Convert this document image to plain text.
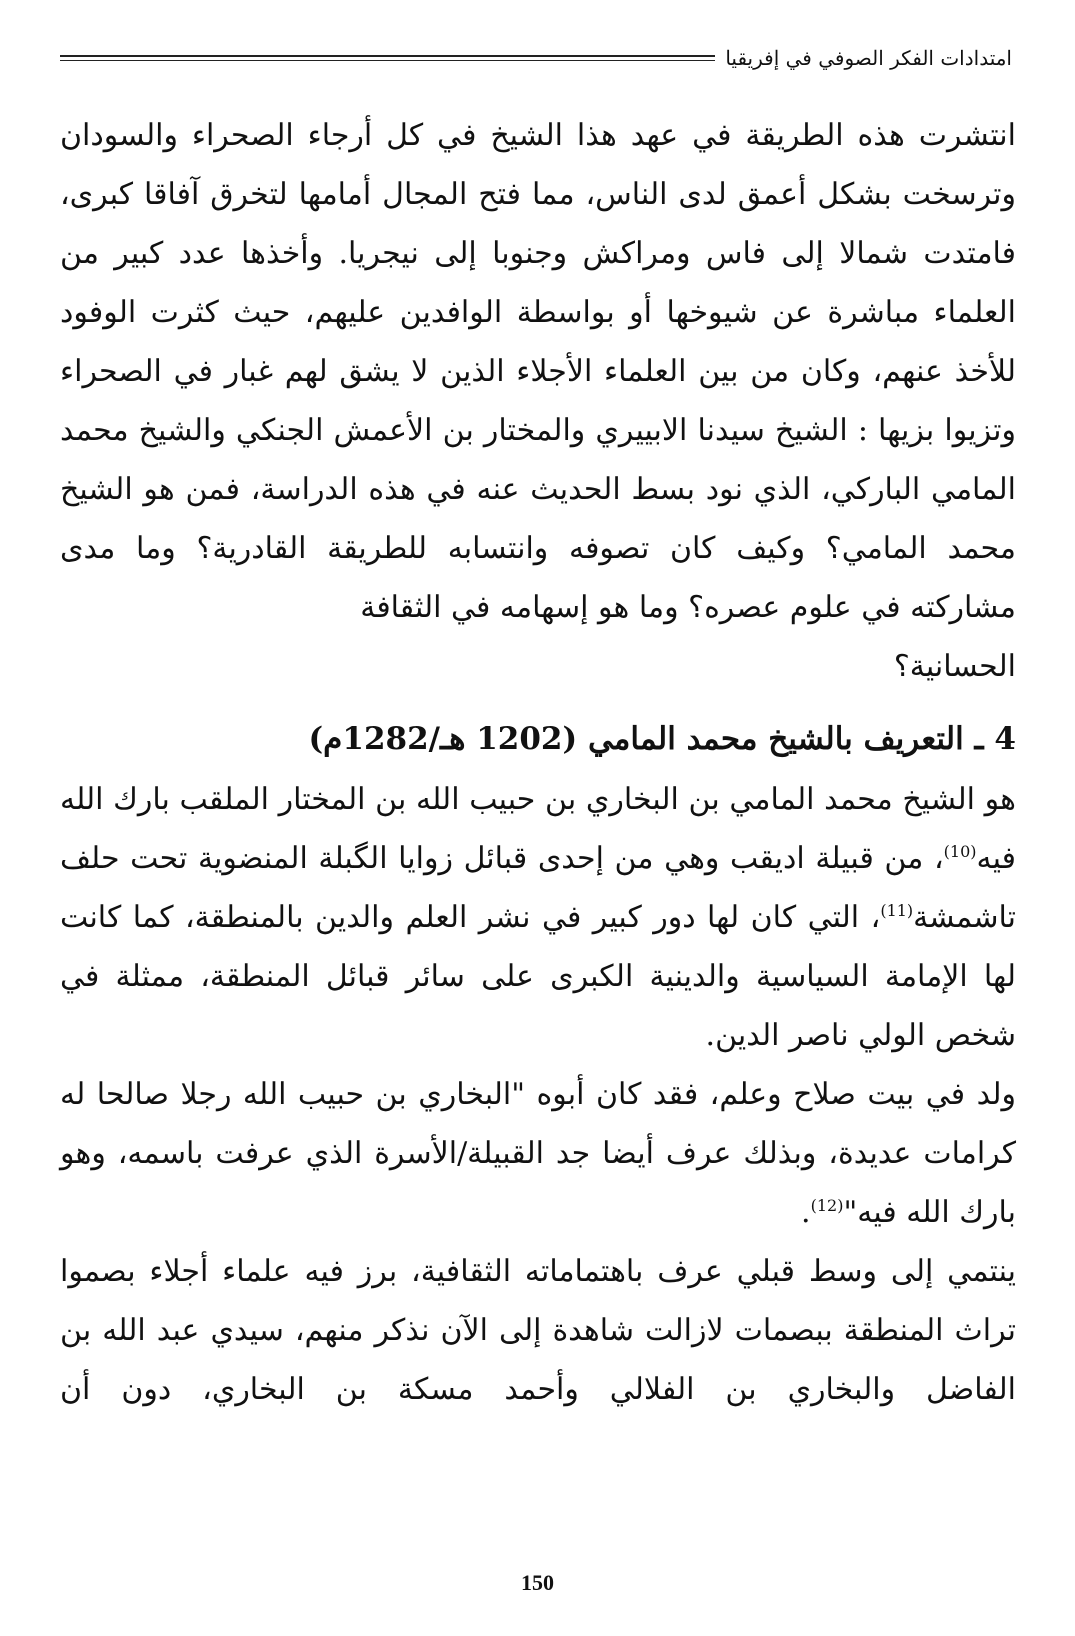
امتدادات الفكر الصوفي في إفريقيا

انتشرت هذه الطريقة في عهد هذا الشيخ في كل أرجاء الصحراء والسودان وترسخت بشكل أعمق لدى الناس، مما فتح المجال أمامها لتخرق آفاقا كبرى، فامتدت شمالا إلى فاس ومراكش وجنوبا إلى نيجريا. وأخذها عدد كبير من العلماء مباشرة عن شيوخها أو بواسطة الوافدين عليهم، حيث كثرت الوفود للأخذ عنهم، وكان من بين العلماء الأجلاء الذين لا يشق لهم غبار في الصحراء وتزيوا بزيها : الشيخ سيدنا الابييري والمختار بن الأعمش الجنكي والشيخ محمد المامي الباركي، الذي نود بسط الحديث عنه في هذه الدراسة، فمن هو الشيخ محمد المامي؟ وكيف كان تصوفه وانتسابه للطريقة القادرية؟ وما مدى مشاركته في علوم عصره؟ وما هو إسهامه في الثقافة
الحسانية؟

4 ـ التعريف بالشيخ محمد المامي (1202 هـ/1282م)

هو الشيخ محمد المامي بن البخاري بن حبيب الله بن المختار الملقب بارك الله فيه$^{(10)}$، من قبيلة اديقب وهي من إحدى قبائل زوايا الگبلة المنضوية تحت حلف تاشمشة$^{(11)}$، التي كان لها دور كبير في نشر العلم والدين بالمنطقة، كما كانت لها الإمامة السياسية والدينية الكبرى على سائر قبائل المنطقة، ممثلة في شخص الولي ناصر الدين.

ولد في بيت صلاح وعلم، فقد كان أبوه "البخاري بن حبيب الله رجلا صالحا له كرامات عديدة، وبذلك عرف أيضا جد القبيلة/الأسرة الذي عرفت باسمه، وهو بارك الله فيه"$^{(12)}$.

ينتمي إلى وسط قبلي عرف باهتماماته الثقافية، برز فيه علماء أجلاء بصموا تراث المنطقة ببصمات لازالت شاهدة إلى الآن نذكر منهم، سيدي عبد الله بن الفاضل والبخاري بن الفلالي وأحمد مسكة بن البخاري، دون أن

150
